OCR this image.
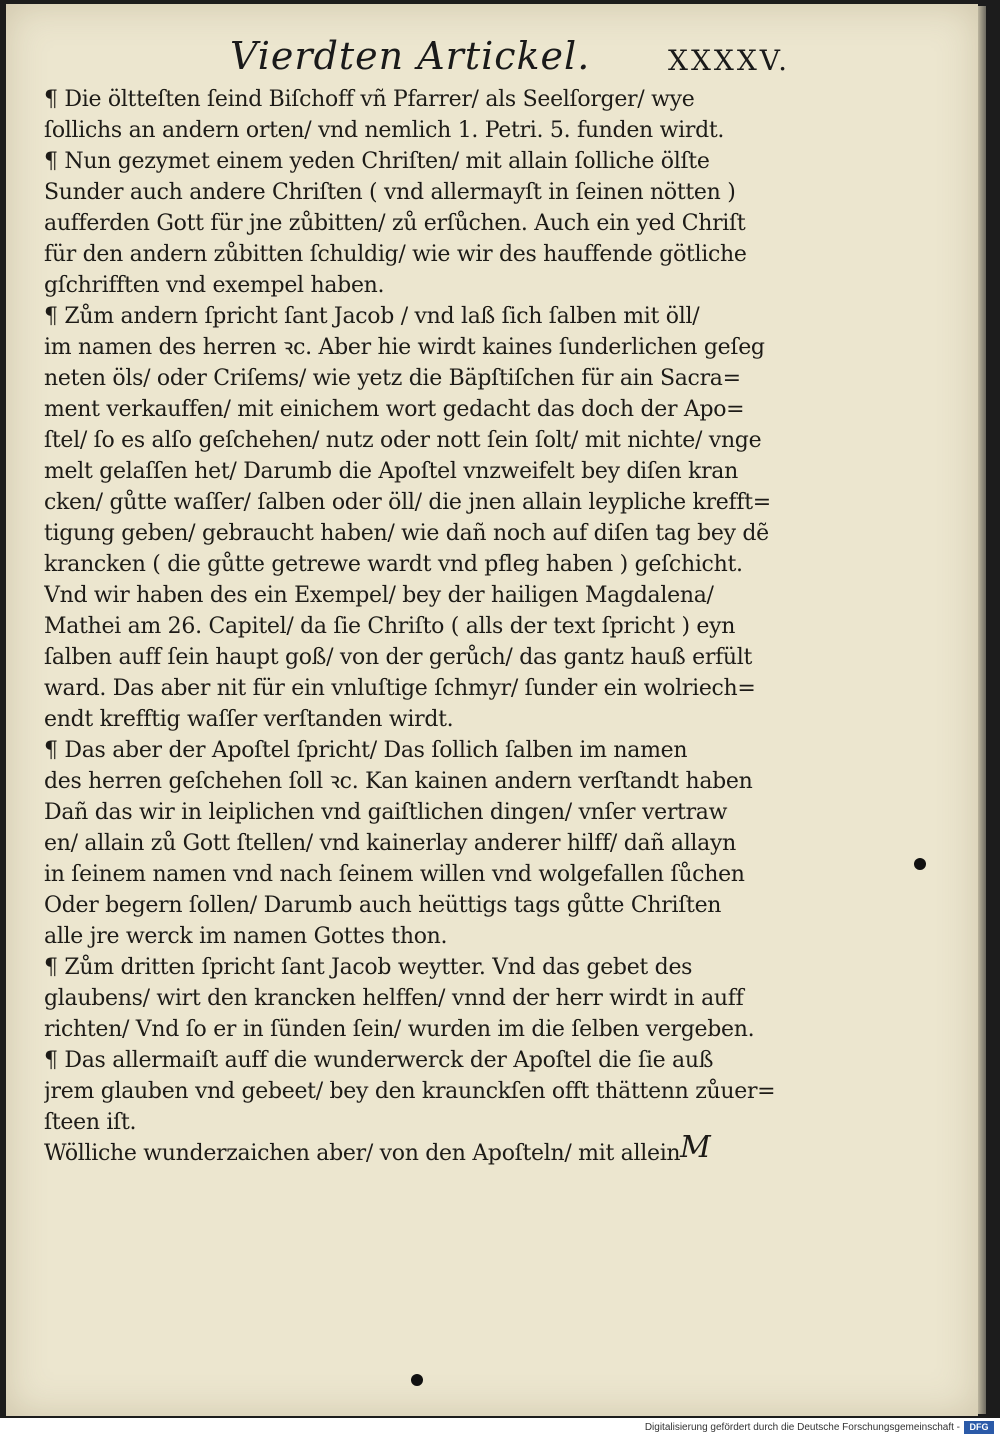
Vierdten Artickel.	XXXXV.
¶ Die öltteſten ſeind Biſchoff vñ Pfarrer/ als Seelſorger/ wye
ſollichs an andern orten/ vnd nemlich 1. Petri. 5. funden wirdt.
¶ Nun gezymet einem yeden Chriſten/ mit allain ſolliche ölſte
Sunder auch andere Chriſten ( vnd allermayſt in ſeinen nötten )
aufferden Gott für jne zůbitten/ zů erſůchen. Auch ein yed Chriſt
für den andern zůbitten ſchuldig/ wie wir des hauffende götliche
gſchrifften vnd exempel haben.
¶ Zům andern ſpricht ſant Jacob / vnd laß ſich ſalben mit öll/
im namen des herren ꝛc. Aber hie wirdt kaines ſunderlichen geſeg
neten öls/ oder Criſems/ wie yetz die Bäpſtiſchen für ain Sacra=
ment verkauffen/ mit einichem wort gedacht das doch der Apo=
ſtel/ ſo es alſo geſchehen/ nutz oder nott ſein ſolt/ mit nichte/ vnge
melt gelaſſen het/ Darumb die Apoſtel vnzweifelt bey diſen kran
cken/ gůtte waſſer/ ſalben oder öll/ die jnen allain leypliche krefft=
tigung geben/ gebraucht haben/ wie dañ noch auf diſen tag bey dẽ
krancken ( die gůtte getrewe wardt vnd pfleg haben ) geſchicht.
Vnd wir haben des ein Exempel/ bey der hailigen Magdalena/
Mathei am 26. Capitel/ da ſie Chriſto ( alls der text ſpricht ) eyn
ſalben auff ſein haupt goß/ von der gerůch/ das gantz hauß erfült
ward. Das aber nit für ein vnluſtige ſchmyr/ ſunder ein wolriech=
endt krefftig waſſer verſtanden wirdt.
¶ Das aber der Apoſtel ſpricht/ Das ſollich ſalben im namen
des herren geſchehen ſoll ꝛc. Kan kainen andern verſtandt haben
Dañ das wir in leiplichen vnd gaiſtlichen dingen/ vnſer vertraw
en/ allain zů Gott ſtellen/ vnd kainerlay anderer hilff/ dañ allayn
in ſeinem namen vnd nach ſeinem willen vnd wolgefallen ſůchen
Oder begern ſollen/ Darumb auch heüttigs tags gůtte Chriſten
alle jre werck im namen Gottes thon.
¶ Zům dritten ſpricht ſant Jacob weytter. Vnd das gebet des
glaubens/ wirt den krancken helffen/ vnnd der herr wirdt in auff
richten/ Vnd ſo er in ſünden ſein/ wurden im die ſelben vergeben.
¶ Das allermaiſt auff die wunderwerck der Apoſtel die ſie auß
jrem glauben vnd gebeet/ bey den kraunckſen offt thättenn zůuer=
ſteen iſt.
Wölliche wunderzaichen aber/ von den Apoſteln/ mit allein M
Digitalisierung gefördert durch die Deutsche Forschungsgemeinschaft -	DFG
